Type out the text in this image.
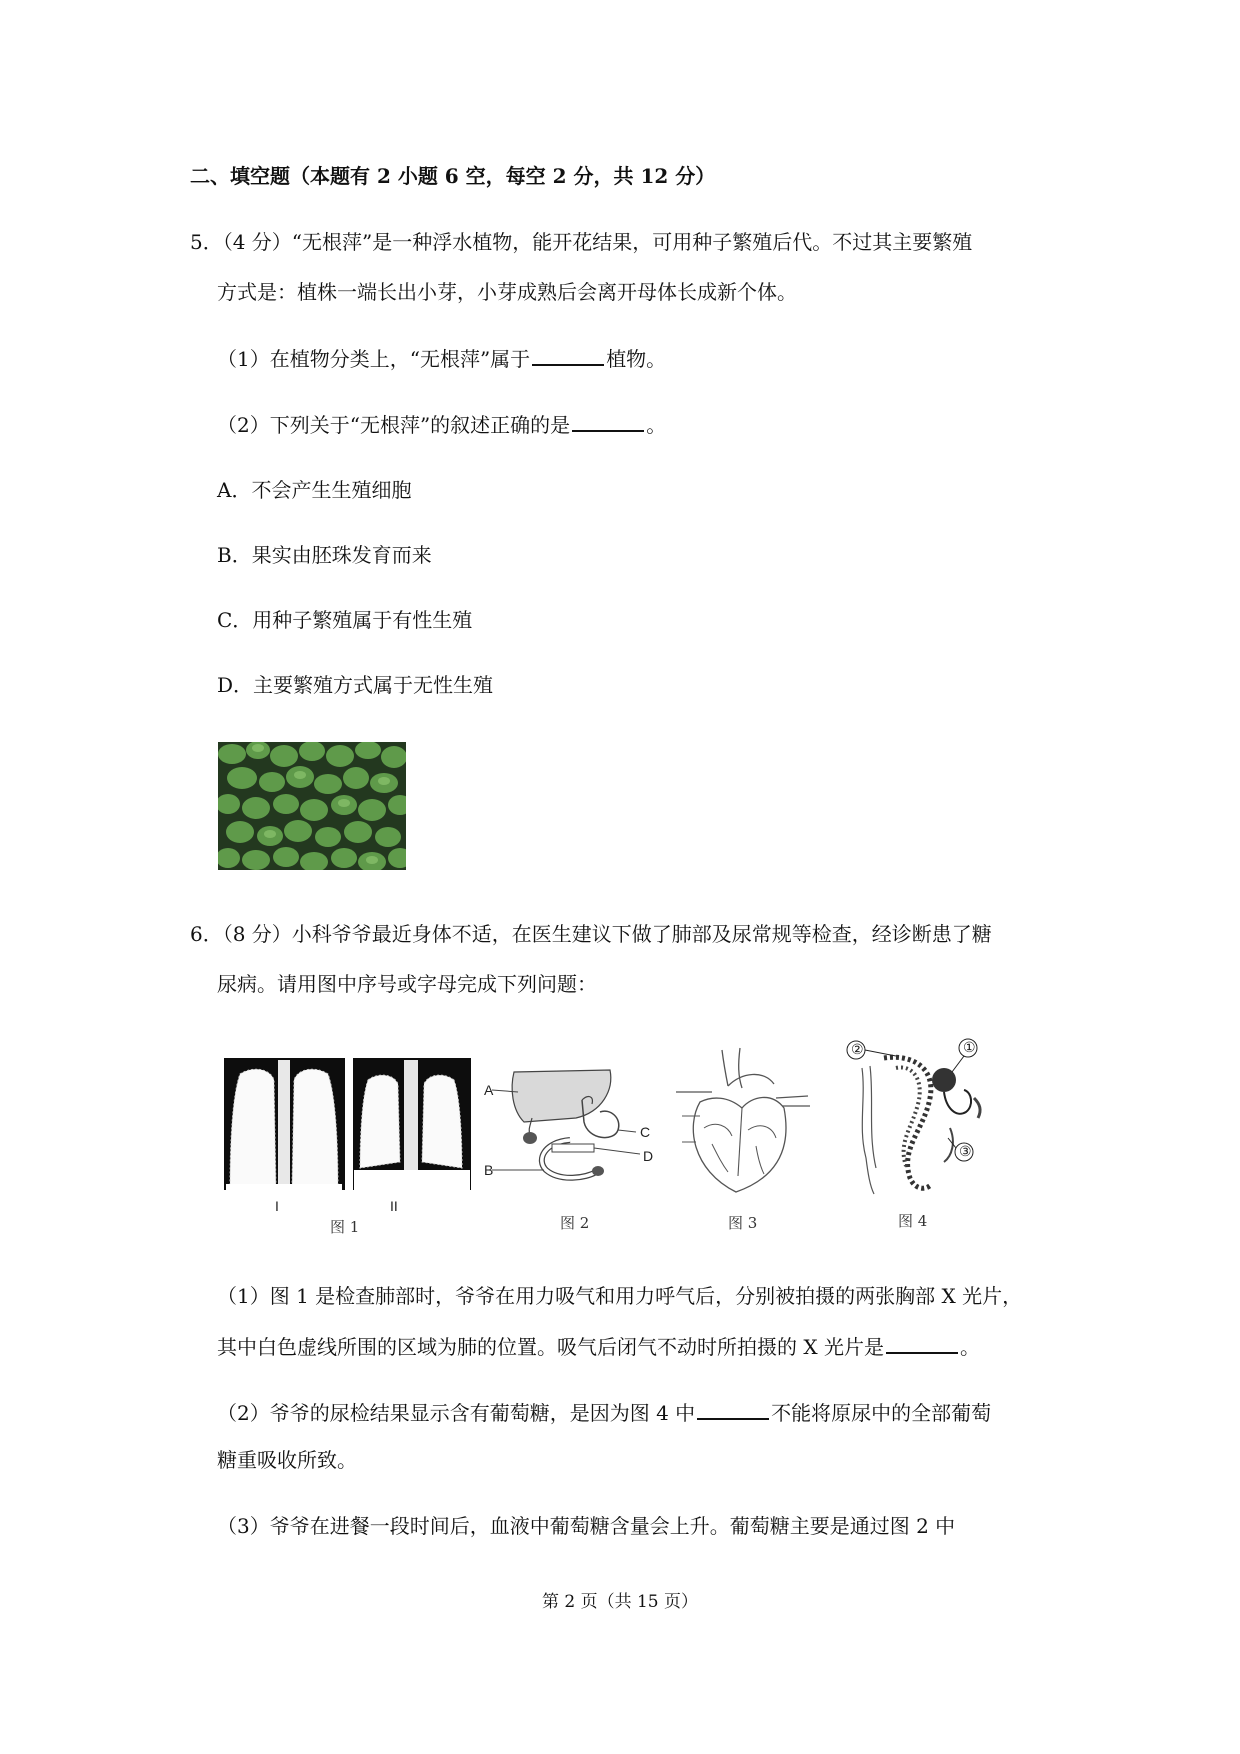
二、填空题（本题有 2 小题 6 空，每空 2 分，共 12 分）
5．（4 分）“无根萍”是一种浮水植物，能开花结果，可用种子繁殖后代。不过其主要繁殖
方式是：植株一端长出小芽，小芽成熟后会离开母体长成新个体。
（1）在植物分类上，“无根萍”属于	植物。
（2）下列关于“无根萍”的叙述正确的是	。
A．不会产生生殖细胞
B．果实由胚珠发育而来
C．用种子繁殖属于有性生殖
D．主要繁殖方式属于无性生殖
6．（8 分）小科爷爷最近身体不适，在医生建议下做了肺部及尿常规等检查，经诊断患了糖
尿病。请用图中序号或字母完成下列问题：
I	II
图 1
A
B
C
D
图 2	图 3
①
②
③
图 4
（1）图 1 是检查肺部时，爷爷在用力吸气和用力呼气后，分别被拍摄的两张胸部 X 光片，
其中白色虚线所围的区域为肺的位置。吸气后闭气不动时所拍摄的 X 光片是	。
（2）爷爷的尿检结果显示含有葡萄糖，是因为图 4 中	不能将原尿中的全部葡萄
糖重吸收所致。
（3）爷爷在进餐一段时间后，血液中葡萄糖含量会上升。葡萄糖主要是通过图 2 中
第 2 页（共 15 页）
